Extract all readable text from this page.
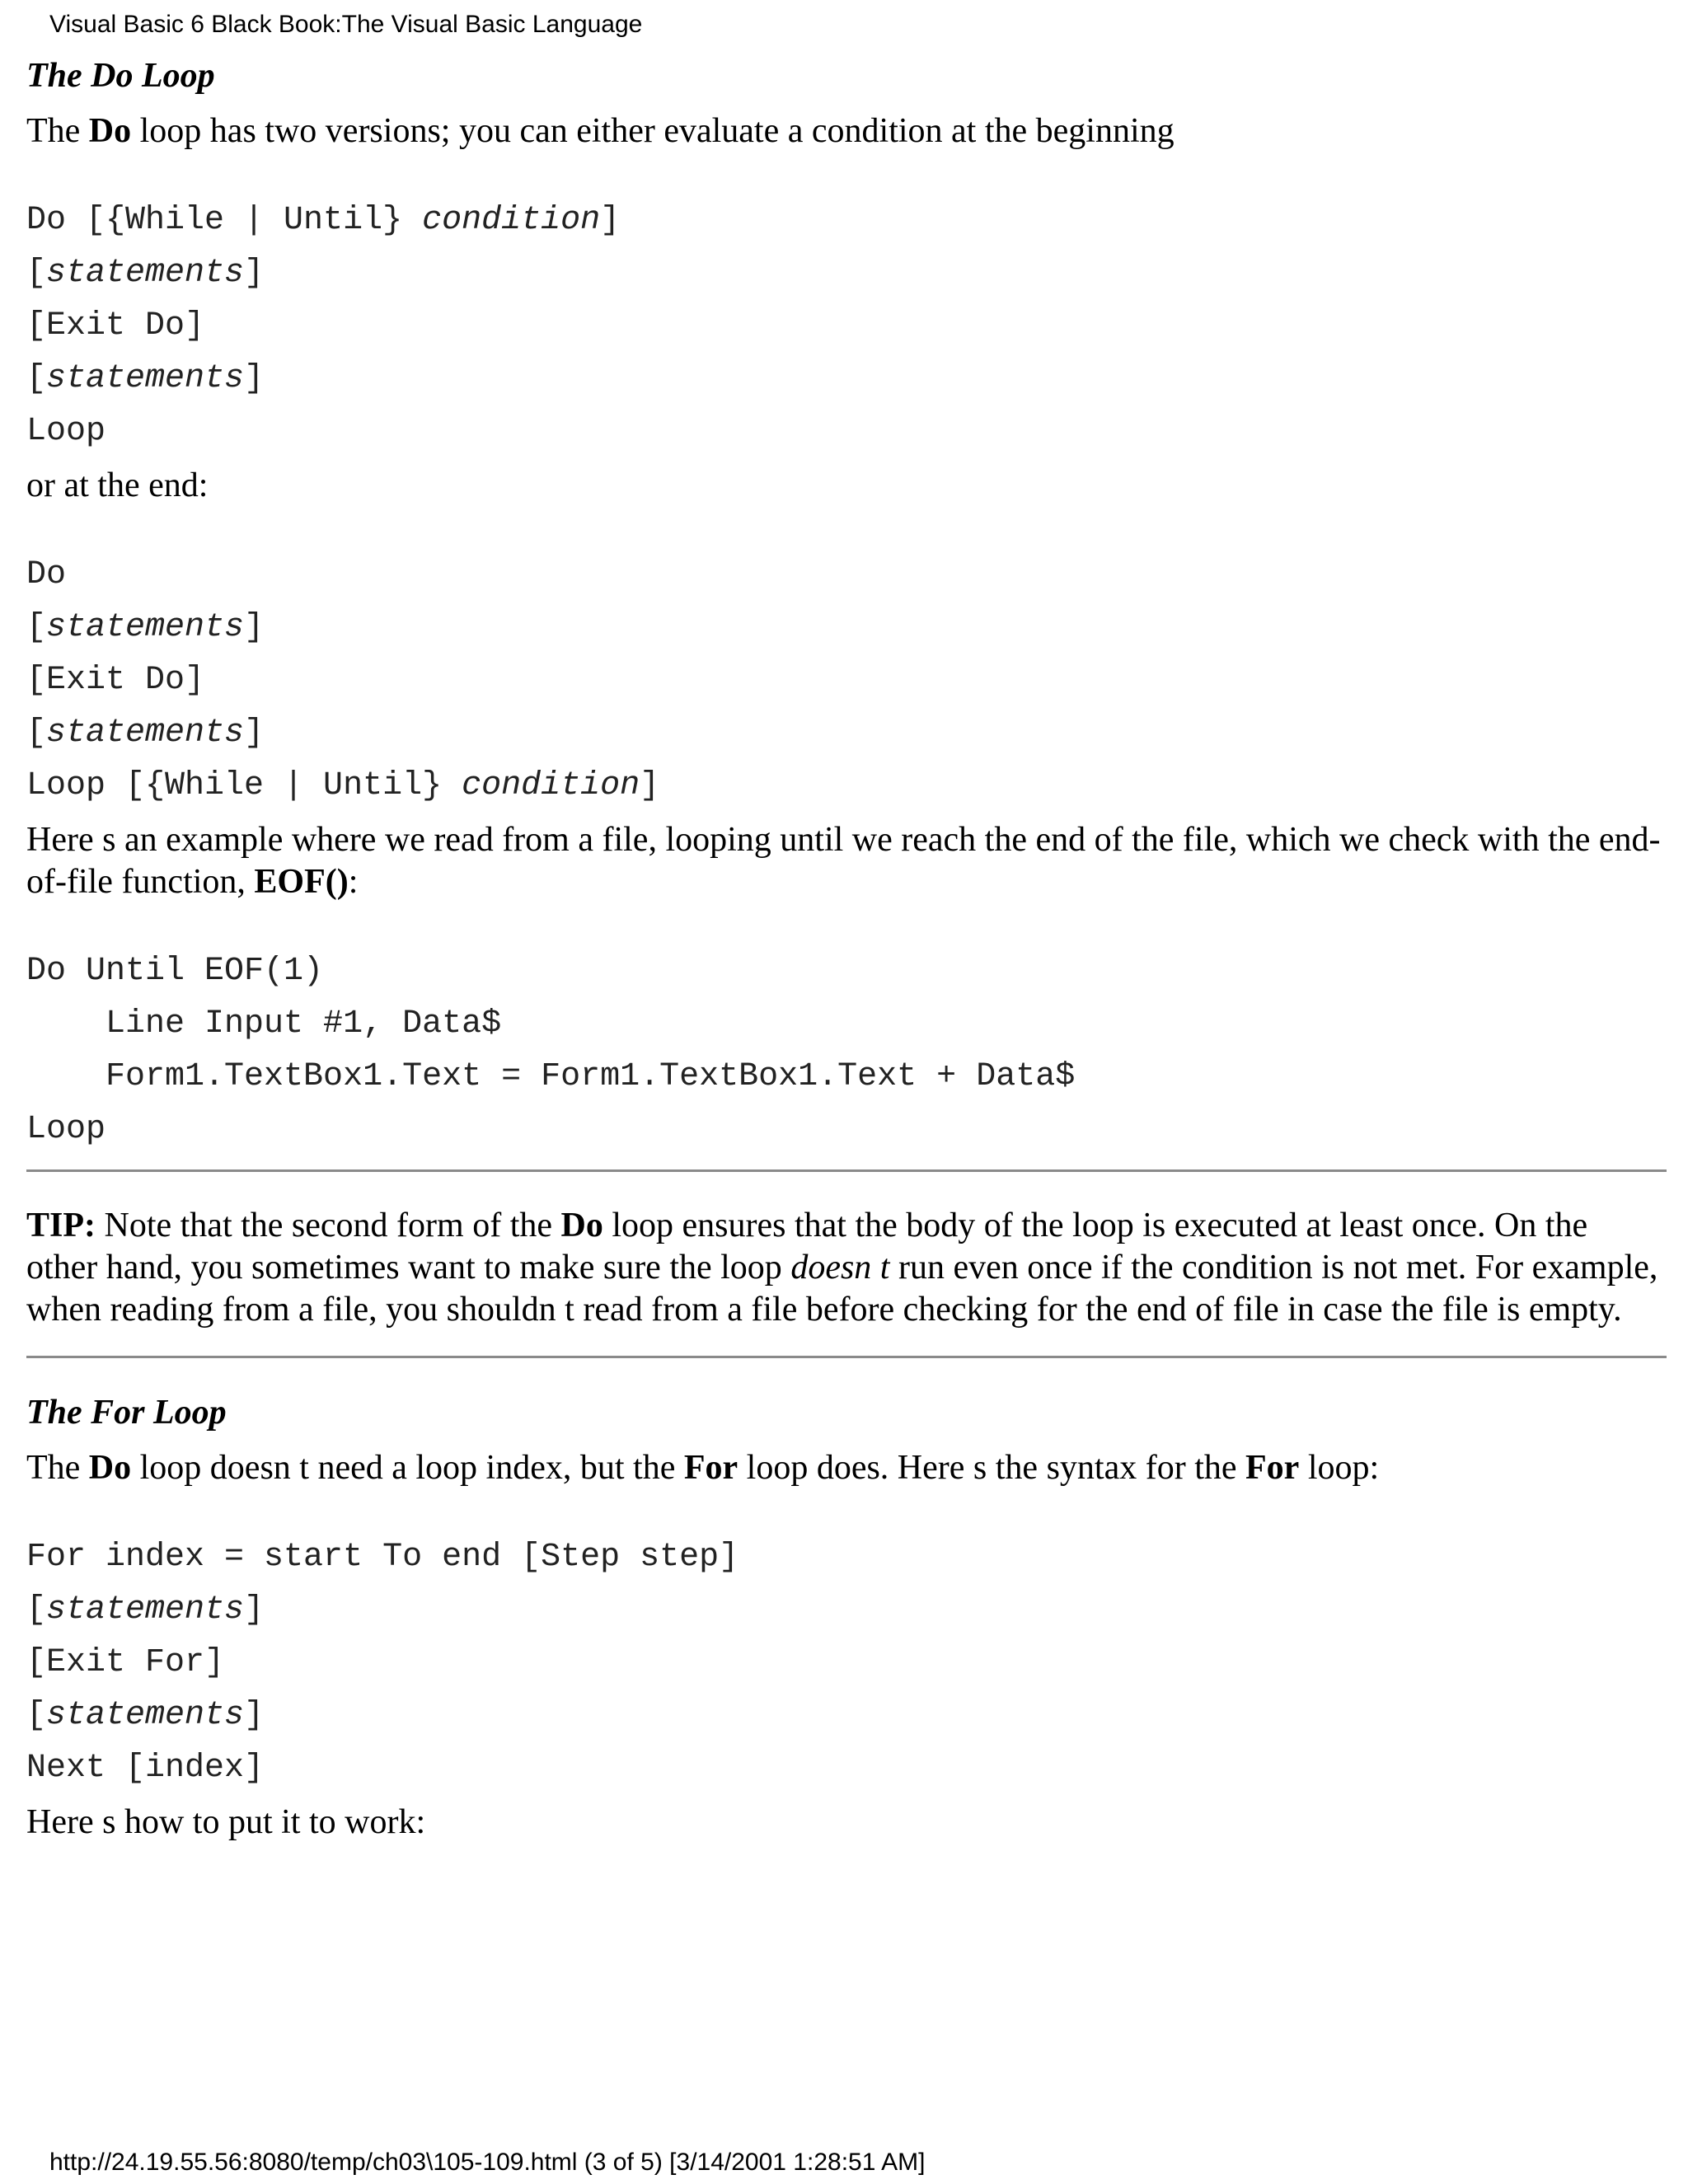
Visual Basic 6 Black Book:The Visual Basic Language
The Do Loop

The Do loop has two versions; you can either evaluate a condition at the beginning

Do [{While | Until} condition]
[statements]
[Exit Do]
[statements]
Loop

or at the end:

Do
[statements]
[Exit Do]
[statements]
Loop [{While | Until} condition]

Here s an example where we read from a file, looping until we reach the end of the file, which we check with the end-of-file function, EOF():

Do Until EOF(1)
Line Input #1, Data$
Form1.TextBox1.Text = Form1.TextBox1.Text + Data$
Loop

TIP: Note that the second form of the Do loop ensures that the body of the loop is executed at least once. On the other hand, you sometimes want to make sure the loop doesn t run even once if the condition is not met. For example, when reading from a file, you shouldn t read from a file before checking for the end of file in case the file is empty.

The For Loop

The Do loop doesn t need a loop index, but the For loop does. Here s the syntax for the For loop:

For index = start To end [Step step]
[statements]
[Exit For]
[statements]
Next [index]

Here s how to put it to work:

http://24.19.55.56:8080/temp/ch03\105-109.html (3 of 5) [3/14/2001 1:28:51 AM]
